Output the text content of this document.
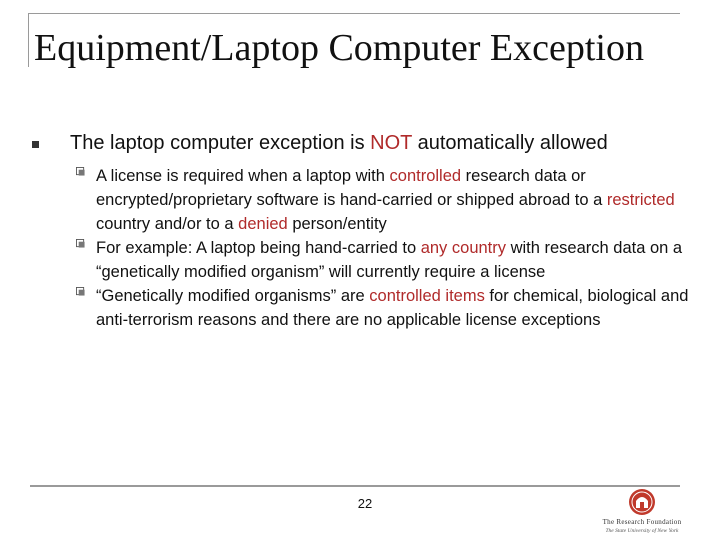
Equipment/Laptop Computer Exception
The laptop computer exception is NOT automatically allowed
A license is required when a laptop with controlled research data or encrypted/proprietary software is hand-carried or shipped abroad to a restricted country and/or to a denied person/entity
For example: A laptop being hand-carried to any country with research data on a “genetically modified organism” will currently require a license
“Genetically modified organisms” are controlled items for chemical, biological and anti-terrorism reasons and there are no applicable license exceptions
22
The Research Foundation
The State University of New York
